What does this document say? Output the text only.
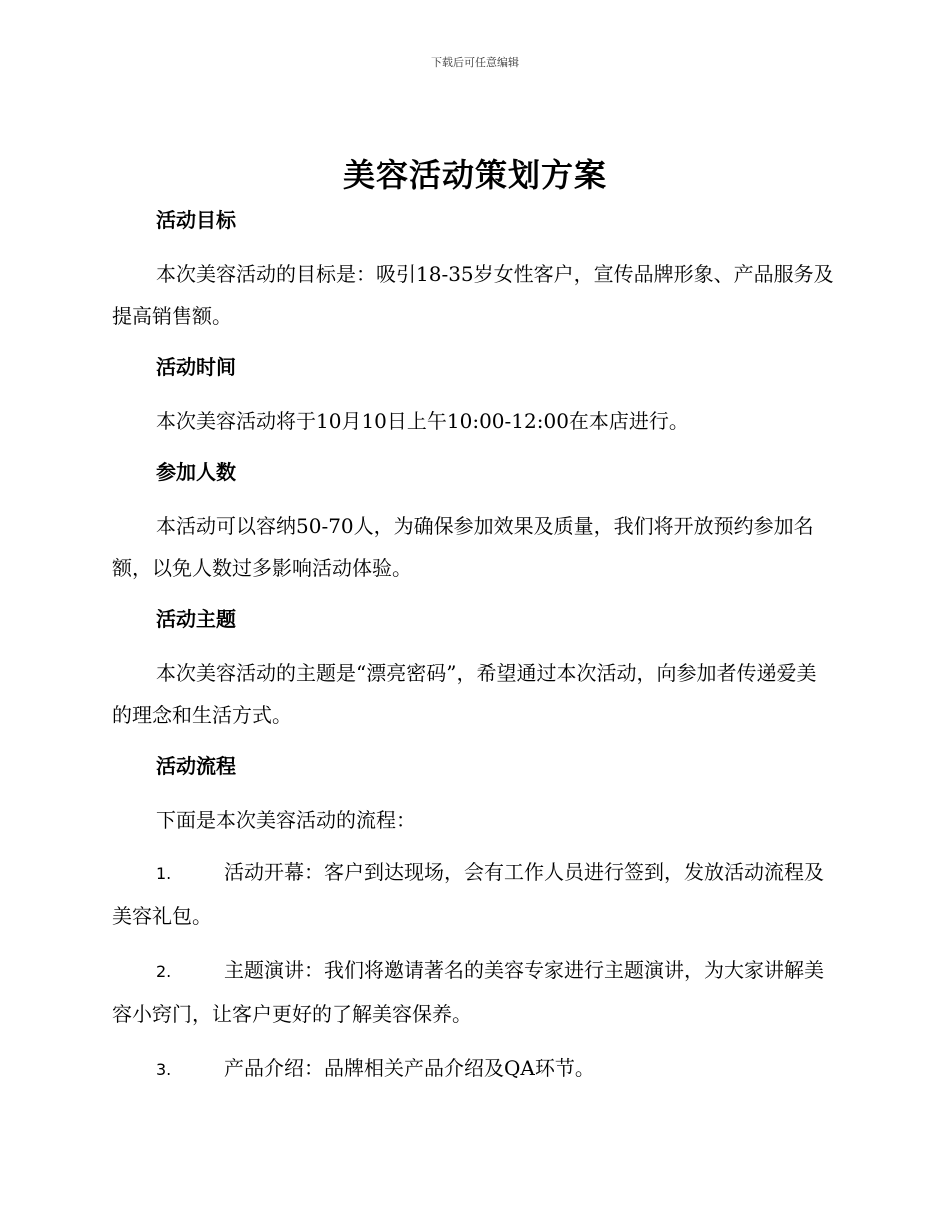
下载后可任意编辑
美容活动策划方案
活动目标

本次美容活动的目标是：吸引18-35岁女性客户，宣传品牌形象、产品服务及提高销售额。

活动时间

本次美容活动将于10月10日上午10:00-12:00在本店进行。

参加人数

本活动可以容纳50-70人，为确保参加效果及质量，我们将开放预约参加名额，以免人数过多影响活动体验。

活动主题

本次美容活动的主题是“漂亮密码”，希望通过本次活动，向参加者传递爱美的理念和生活方式。

活动流程

下面是本次美容活动的流程：

1.	活动开幕：客户到达现场，会有工作人员进行签到，发放活动流程及美容礼包。

2.	主题演讲：我们将邀请著名的美容专家进行主题演讲，为大家讲解美容小窍门，让客户更好的了解美容保养。

3.	产品介绍：品牌相关产品介绍及QA环节。
